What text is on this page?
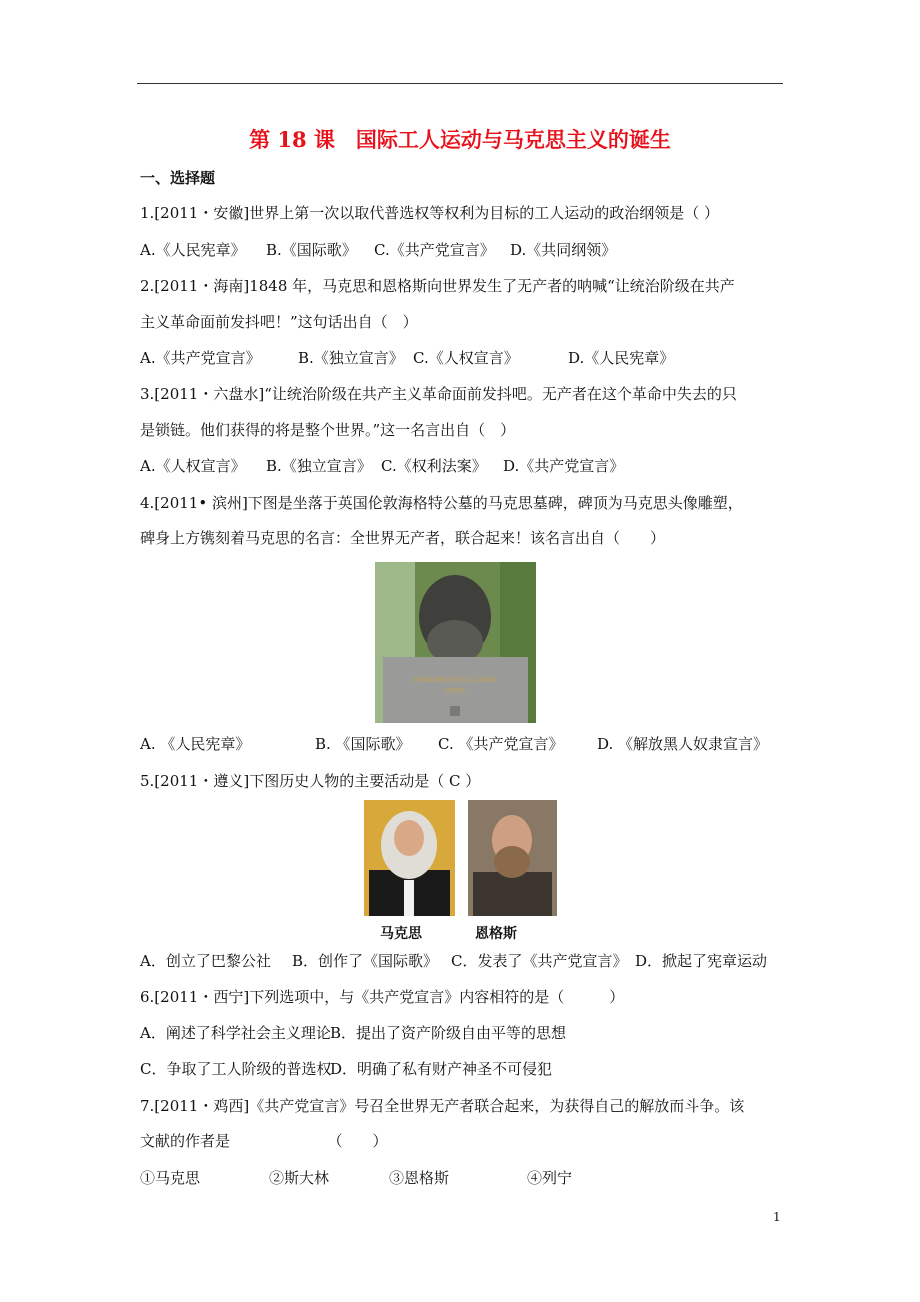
第 18 课　国际工人运动与马克思主义的诞生
一、选择题
1.[2011・安徽]世界上第一次以取代普选权等权利为目标的工人运动的政治纲领是（ ）
A.《人民宪章》 B.《国际歌》 C.《共产党宣言》 D.《共同纲领》
2.[2011・海南]1848 年，马克思和恩格斯向世界发生了无产者的呐喊“让统治阶级在共产
主义革命面前发抖吧！”这句话出自（　）
A.《共产党宣言》 B.《独立宣言》 C.《人权宣言》	D.《人民宪章》
3.[2011・六盘水]“让统治阶级在共产主义革命面前发抖吧。无产者在这个革命中失去的只
是锁链。他们获得的将是整个世界。”这一名言出自（　）
A.《人权宣言》 B.《独立宣言》 C.《权利法案》 D.《共产党宣言》
4.[2011• 滨州]下图是坐落于英国伦敦海格特公墓的马克思墓碑，碑顶为马克思头像雕塑，
碑身上方镌刻着马克思的名言：全世界无产者，联合起来！该名言出自（　　）
WORKERS OF ALL LANDS
UNITE
A. 《人民宪章》	B. 《国际歌》 C. 《共产党宣言》 D. 《解放黑人奴隶宣言》
5.[2011・遵义]下图历史人物的主要活动是（ C ）
马克思	恩格斯
A．创立了巴黎公社 B．创作了《国际歌》 C．发表了《共产党宣言》 D．掀起了宪章运动
6.[2011・西宁]下列选项中，与《共产党宣言》内容相符的是（　　　）
A．阐述了科学社会主义理论 B．提出了资产阶级自由平等的思想
C．争取了工人阶级的普选权
D．明确了私有财产神圣不可侵犯
7.[2011・鸡西]《共产党宣言》号召全世界无产者联合起来，为获得自己的解放而斗争。该
文献的作者是　　　　　　　（　　）
①马克思	②斯大林	③恩格斯	④列宁
1
